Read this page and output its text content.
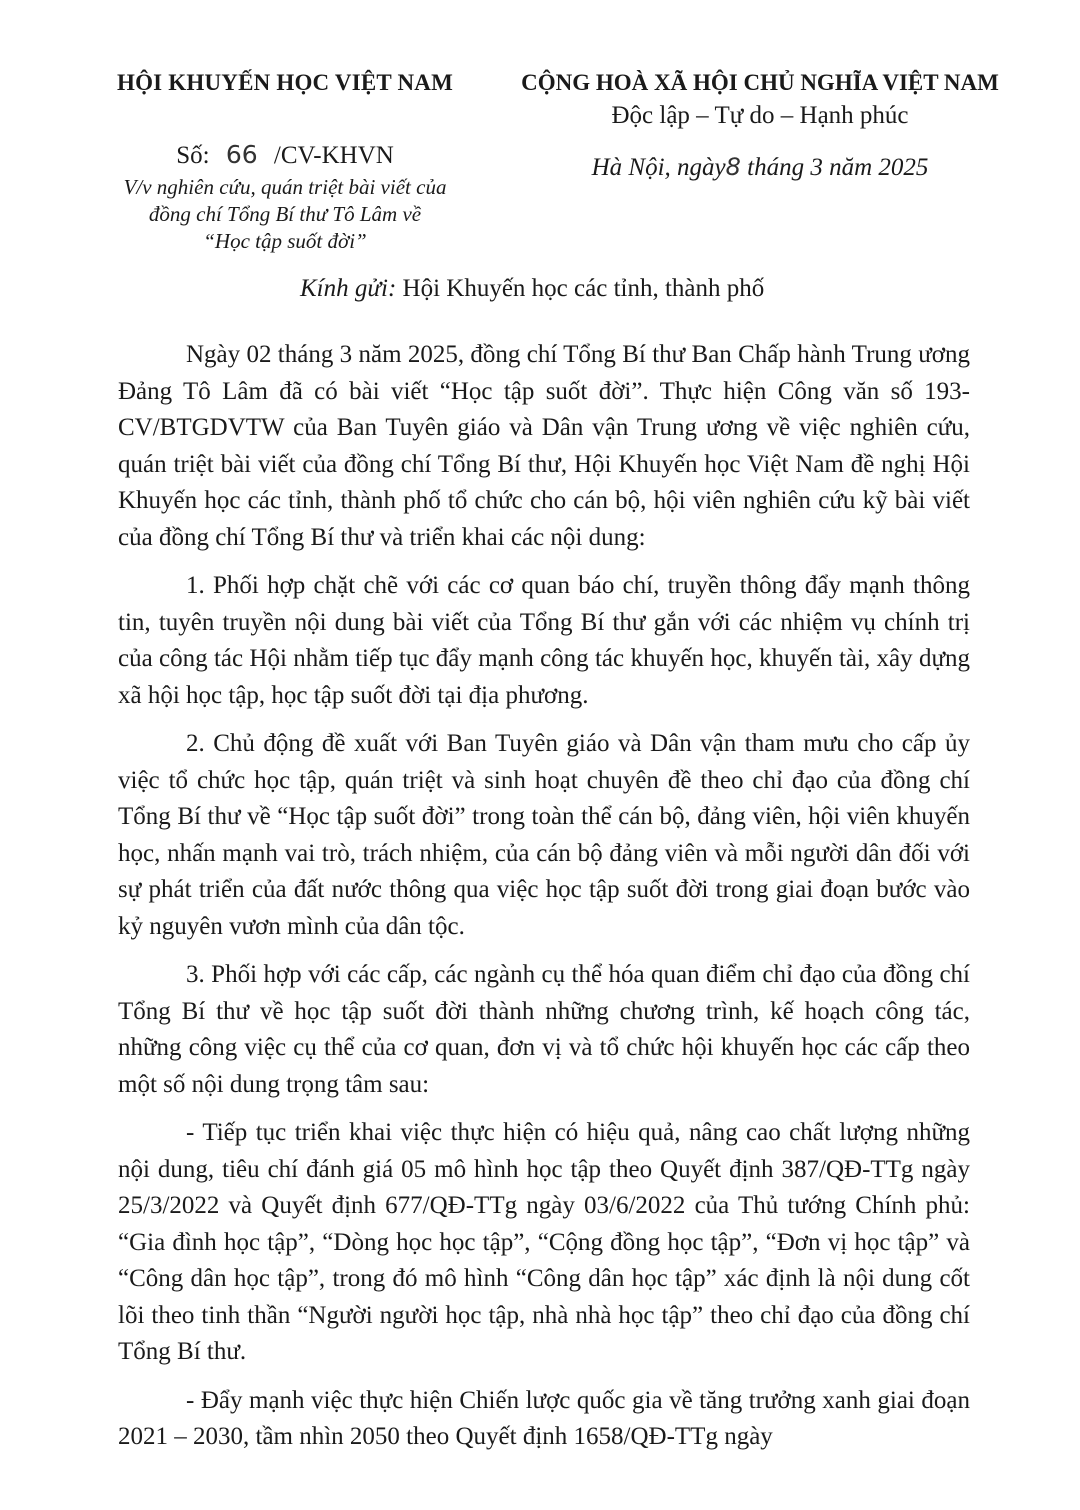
HỘI KHUYẾN HỌC VIỆT NAM
Số: 66 /CV-KHVN
V/v nghiên cứu, quán triệt bài viết của
đồng chí Tổng Bí thư Tô Lâm về
“Học tập suốt đời”
CỘNG HOÀ XÃ HỘI CHỦ NGHĨA VIỆT NAM
Độc lập – Tự do – Hạnh phúc
Hà Nội, ngày8 tháng 3 năm 2025
Kính gửi: Hội Khuyến học các tỉnh, thành phố

Ngày 02 tháng 3 năm 2025, đồng chí Tổng Bí thư Ban Chấp hành Trung ương Đảng Tô Lâm đã có bài viết “Học tập suốt đời”. Thực hiện Công văn số 193-CV/BTGDVTW của Ban Tuyên giáo và Dân vận Trung ương về việc nghiên cứu, quán triệt bài viết của đồng chí Tổng Bí thư, Hội Khuyến học Việt Nam đề nghị Hội Khuyến học các tỉnh, thành phố tổ chức cho cán bộ, hội viên nghiên cứu kỹ bài viết của đồng chí Tổng Bí thư và triển khai các nội dung:

1. Phối hợp chặt chẽ với các cơ quan báo chí, truyền thông đẩy mạnh thông tin, tuyên truyền nội dung bài viết của Tổng Bí thư gắn với các nhiệm vụ chính trị của công tác Hội nhằm tiếp tục đẩy mạnh công tác khuyến học, khuyến tài, xây dựng xã hội học tập, học tập suốt đời tại địa phương.

2. Chủ động đề xuất với Ban Tuyên giáo và Dân vận tham mưu cho cấp ủy việc tổ chức học tập, quán triệt và sinh hoạt chuyên đề theo chỉ đạo của đồng chí Tổng Bí thư về “Học tập suốt đời” trong toàn thể cán bộ, đảng viên, hội viên khuyến học, nhấn mạnh vai trò, trách nhiệm, của cán bộ đảng viên và mỗi người dân đối với sự phát triển của đất nước thông qua việc học tập suốt đời trong giai đoạn bước vào kỷ nguyên vươn mình của dân tộc.

3. Phối hợp với các cấp, các ngành cụ thể hóa quan điểm chỉ đạo của đồng chí Tổng Bí thư về học tập suốt đời thành những chương trình, kế hoạch công tác, những công việc cụ thể của cơ quan, đơn vị và tổ chức hội khuyến học các cấp theo một số nội dung trọng tâm sau:

- Tiếp tục triển khai việc thực hiện có hiệu quả, nâng cao chất lượng những nội dung, tiêu chí đánh giá 05 mô hình học tập theo Quyết định 387/QĐ-TTg ngày 25/3/2022 và Quyết định 677/QĐ-TTg ngày 03/6/2022 của Thủ tướng Chính phủ: “Gia đình học tập”, “Dòng học học tập”, “Cộng đồng học tập”, “Đơn vị học tập” và “Công dân học tập”, trong đó mô hình “Công dân học tập” xác định là nội dung cốt lõi theo tinh thần “Người người học tập, nhà nhà học tập” theo chỉ đạo của đồng chí Tổng Bí thư.

- Đẩy mạnh việc thực hiện Chiến lược quốc gia về tăng trưởng xanh giai đoạn 2021 – 2030, tầm nhìn 2050 theo Quyết định 1658/QĐ-TTg ngày
